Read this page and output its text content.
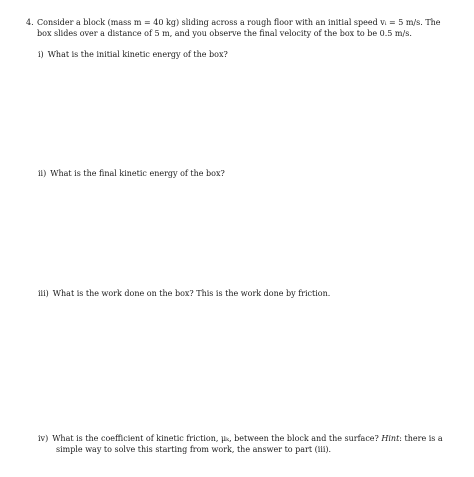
4. Consider a block (mass m = 40 kg) sliding across a rough floor with an initial speed vᵢ = 5 m/s. The
box slides over a distance of 5 m, and you observe the final velocity of the box to be 0.5 m/s.
i) What is the initial kinetic energy of the box?
ii) What is the final kinetic energy of the box?
iii) What is the work done on the box? This is the work done by friction.
iv) What is the coefficient of kinetic friction, μₖ, between the block and the surface? Hint: there is a
simple way to solve this starting from work, the answer to part (iii).
